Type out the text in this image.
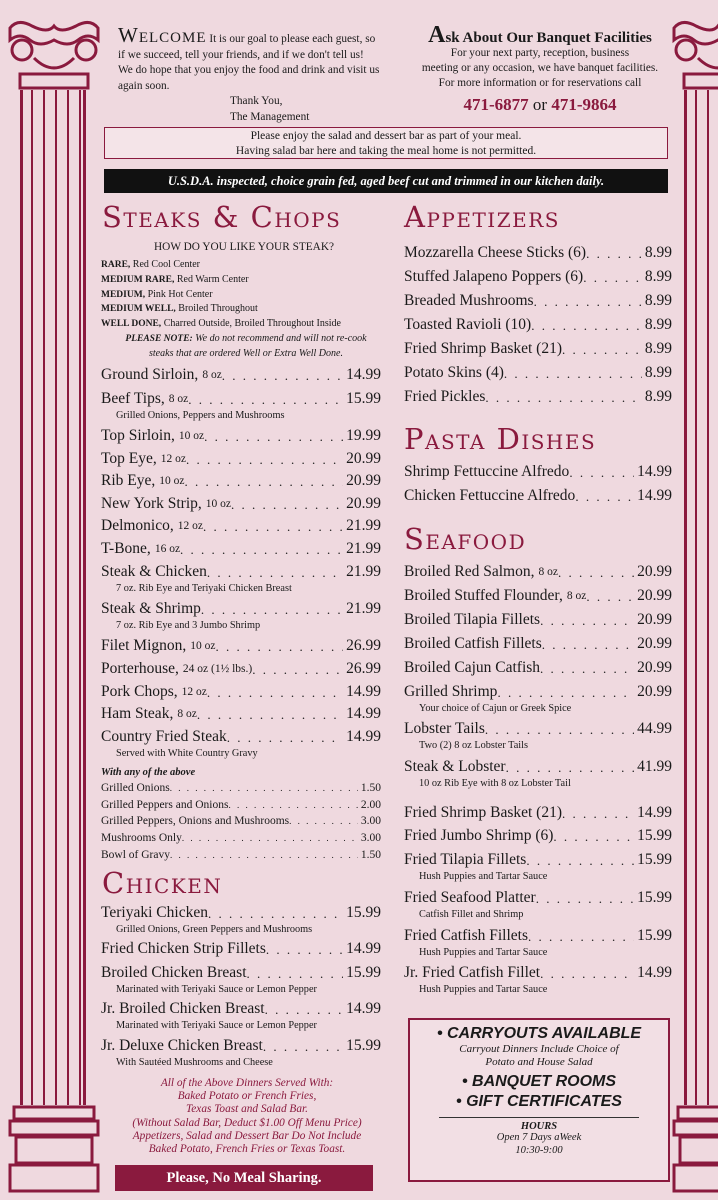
Welcome It is our goal to please each guest, so if we succeed, tell your friends, and if we don't tell us! We do hope that you enjoy the food and drink and visit us again soon.
Thank You,
The Management
Ask About Our Banquet Facilities
For your next party, reception, business
meeting or any occasion, we have banquet facilities.
For more information or for reservations call
471-6877 or 471-9864
Please enjoy the salad and dessert bar as part of your meal.
Having salad bar here and taking the meal home is not permitted.
U.S.D.A. inspected, choice grain fed, aged beef cut and trimmed in our kitchen daily.
Steaks & Chops
HOW DO YOU LIKE YOUR STEAK?
RARE, Red Cool Center
MEDIUM RARE, Red Warm Center
MEDIUM, Pink Hot Center
MEDIUM WELL, Broiled Throughout
WELL DONE, Charred Outside, Broiled Throughout Inside
PLEASE NOTE: We do not recommend and will not re-cook
steaks that are ordered Well or Extra Well Done.
Ground Sirloin, 8 oz . . .	14.99
Beef Tips, 8 oz . . .	15.99
Grilled Onions, Peppers and Mushrooms
Top Sirloin, 10 oz . . .	19.99
Top Eye, 12 oz . . .	20.99
Rib Eye, 10 oz . . .	20.99
New York Strip, 10 oz . . .	20.99
Delmonico, 12 oz . . .	21.99
T-Bone, 16 oz . . .	21.99
Steak & Chicken . . .	21.99
7 oz. Rib Eye and Teriyaki Chicken Breast
Steak & Shrimp . . .	21.99
7 oz. Rib Eye and 3 Jumbo Shrimp
Filet Mignon, 10 oz . . .	26.99
Porterhouse, 24 oz (1½ lbs.) . . .	26.99
Pork Chops, 12 oz . . .	14.99
Ham Steak, 8 oz . . .	14.99
Country Fried Steak . . .	14.99
Served with White Country Gravy
With any of the above
Grilled Onions . . .	1.50
Grilled Peppers and Onions . . .	2.00
Grilled Peppers, Onions and Mushrooms . . .	3.00
Mushrooms Only . . .	3.00
Bowl of Gravy . . .	1.50
Chicken
Teriyaki Chicken . . .	15.99
Grilled Onions, Green Peppers and Mushrooms
Fried Chicken Strip Fillets . . .	14.99
Broiled Chicken Breast . . .	15.99
Marinated with Teriyaki Sauce or Lemon Pepper
Jr. Broiled Chicken Breast . . .	14.99
Marinated with Teriyaki Sauce or Lemon Pepper
Jr. Deluxe Chicken Breast . . .	15.99
With Sautéed Mushrooms and Cheese
All of the Above Dinners Served With:
Baked Potato or French Fries,
Texas Toast and Salad Bar.
(Without Salad Bar, Deduct $1.00 Off Menu Price)
Appetizers, Salad and Dessert Bar Do Not Include
Baked Potato, French Fries or Texas Toast.
Please, No Meal Sharing.
Appetizers
Mozzarella Cheese Sticks (6) . . .	8.99
Stuffed Jalapeno Poppers (6) . . .	8.99
Breaded Mushrooms . . .	8.99
Toasted Ravioli (10) . . .	8.99
Fried Shrimp Basket (21) . . .	8.99
Potato Skins (4) . . .	8.99
Fried Pickles . . .	8.99
Pasta Dishes
Shrimp Fettuccine Alfredo . . .	14.99
Chicken Fettuccine Alfredo . . .	14.99
Seafood
Broiled Red Salmon, 8 oz . . .	20.99
Broiled Stuffed Flounder, 8 oz . . .	20.99
Broiled Tilapia Fillets . . .	20.99
Broiled Catfish Fillets . . .	20.99
Broiled Cajun Catfish . . .	20.99
Grilled Shrimp . . .	20.99
Your choice of Cajun or Greek Spice
Lobster Tails . . .	44.99
Two (2) 8 oz Lobster Tails
Steak & Lobster . . .	41.99
10 oz Rib Eye with 8 oz Lobster Tail
Fried Shrimp Basket (21) . . .	14.99
Fried Jumbo Shrimp (6) . . .	15.99
Fried Tilapia Fillets . . .	15.99
Hush Puppies and Tartar Sauce
Fried Seafood Platter . . .	15.99
Catfish Fillet and Shrimp
Fried Catfish Fillets . . .	15.99
Hush Puppies and Tartar Sauce
Jr. Fried Catfish Fillet . . .	14.99
Hush Puppies and Tartar Sauce
• CARRYOUTS AVAILABLE
Carryout Dinners Include Choice of
Potato and House Salad
• BANQUET ROOMS
• GIFT CERTIFICATES
HOURS
Open 7 Days aWeek
10:30-9:00
